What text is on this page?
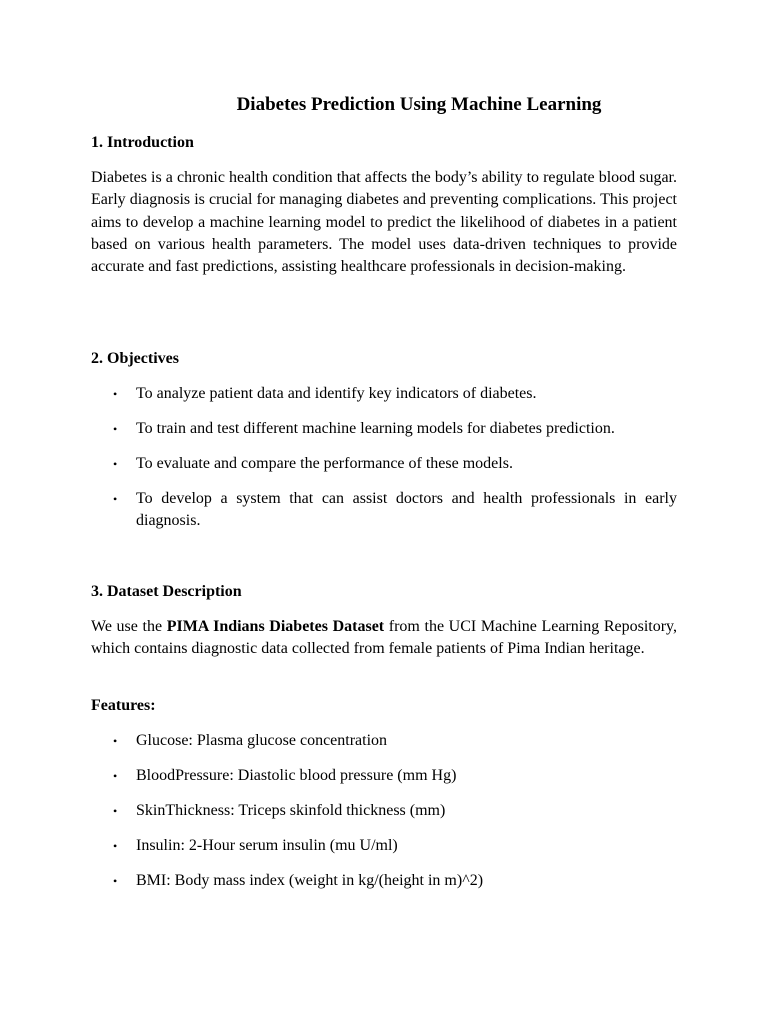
Diabetes Prediction Using Machine Learning
1. Introduction

Diabetes is a chronic health condition that affects the body’s ability to regulate blood sugar. Early diagnosis is crucial for managing diabetes and preventing complications. This project aims to develop a machine learning model to predict the likelihood of diabetes in a patient based on various health parameters. The model uses data-driven techniques to provide accurate and fast predictions, assisting healthcare professionals in decision-making.

2. Objectives
• To analyze patient data and identify key indicators of diabetes.
• To train and test different machine learning models for diabetes prediction.
• To evaluate and compare the performance of these models.
• To develop a system that can assist doctors and health professionals in early diagnosis.
3. Dataset Description

We use the PIMA Indians Diabetes Dataset from the UCI Machine Learning Repository, which contains diagnostic data collected from female patients of Pima Indian heritage.

Features:
• Glucose: Plasma glucose concentration
• BloodPressure: Diastolic blood pressure (mm Hg)
• SkinThickness: Triceps skinfold thickness (mm)
• Insulin: 2-Hour serum insulin (mu U/ml)
• BMI: Body mass index (weight in kg/(height in m)^2)
